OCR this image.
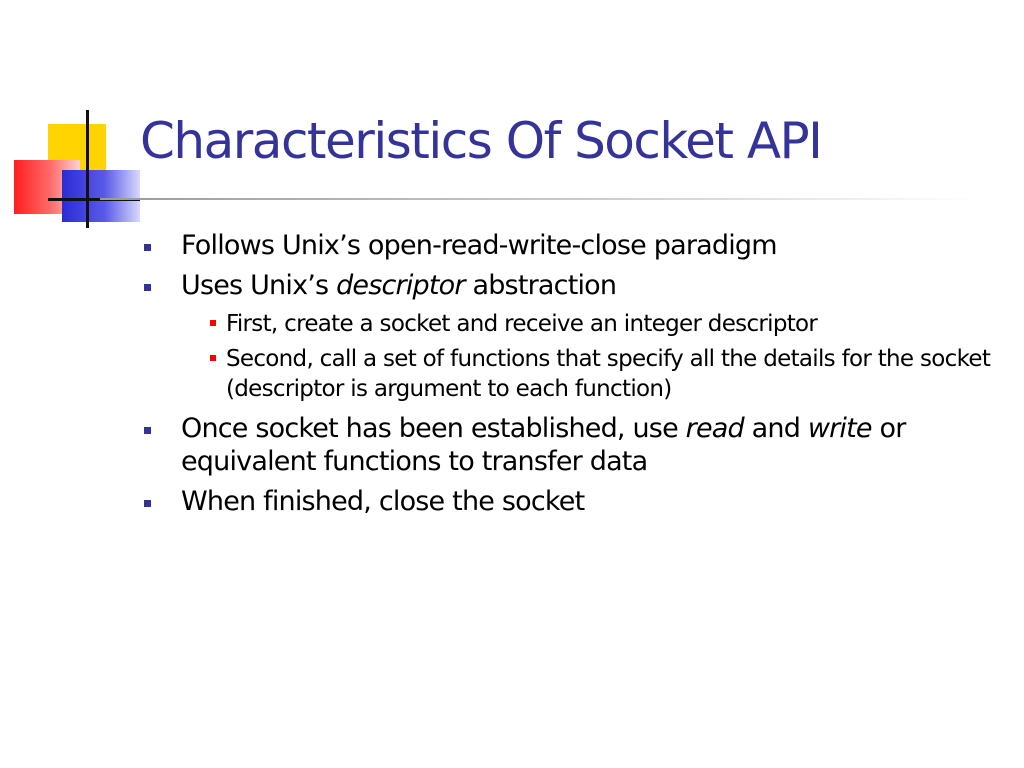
Characteristics Of Socket API
Follows Unix’s open-read-write-close paradigm
Uses Unix’s descriptor abstraction
First, create a socket and receive an integer descriptor
Second, call a set of functions that specify all the details for the socket (descriptor is argument to each function)
Once socket has been established, use read and write or equivalent functions to transfer data
When finished, close the socket
